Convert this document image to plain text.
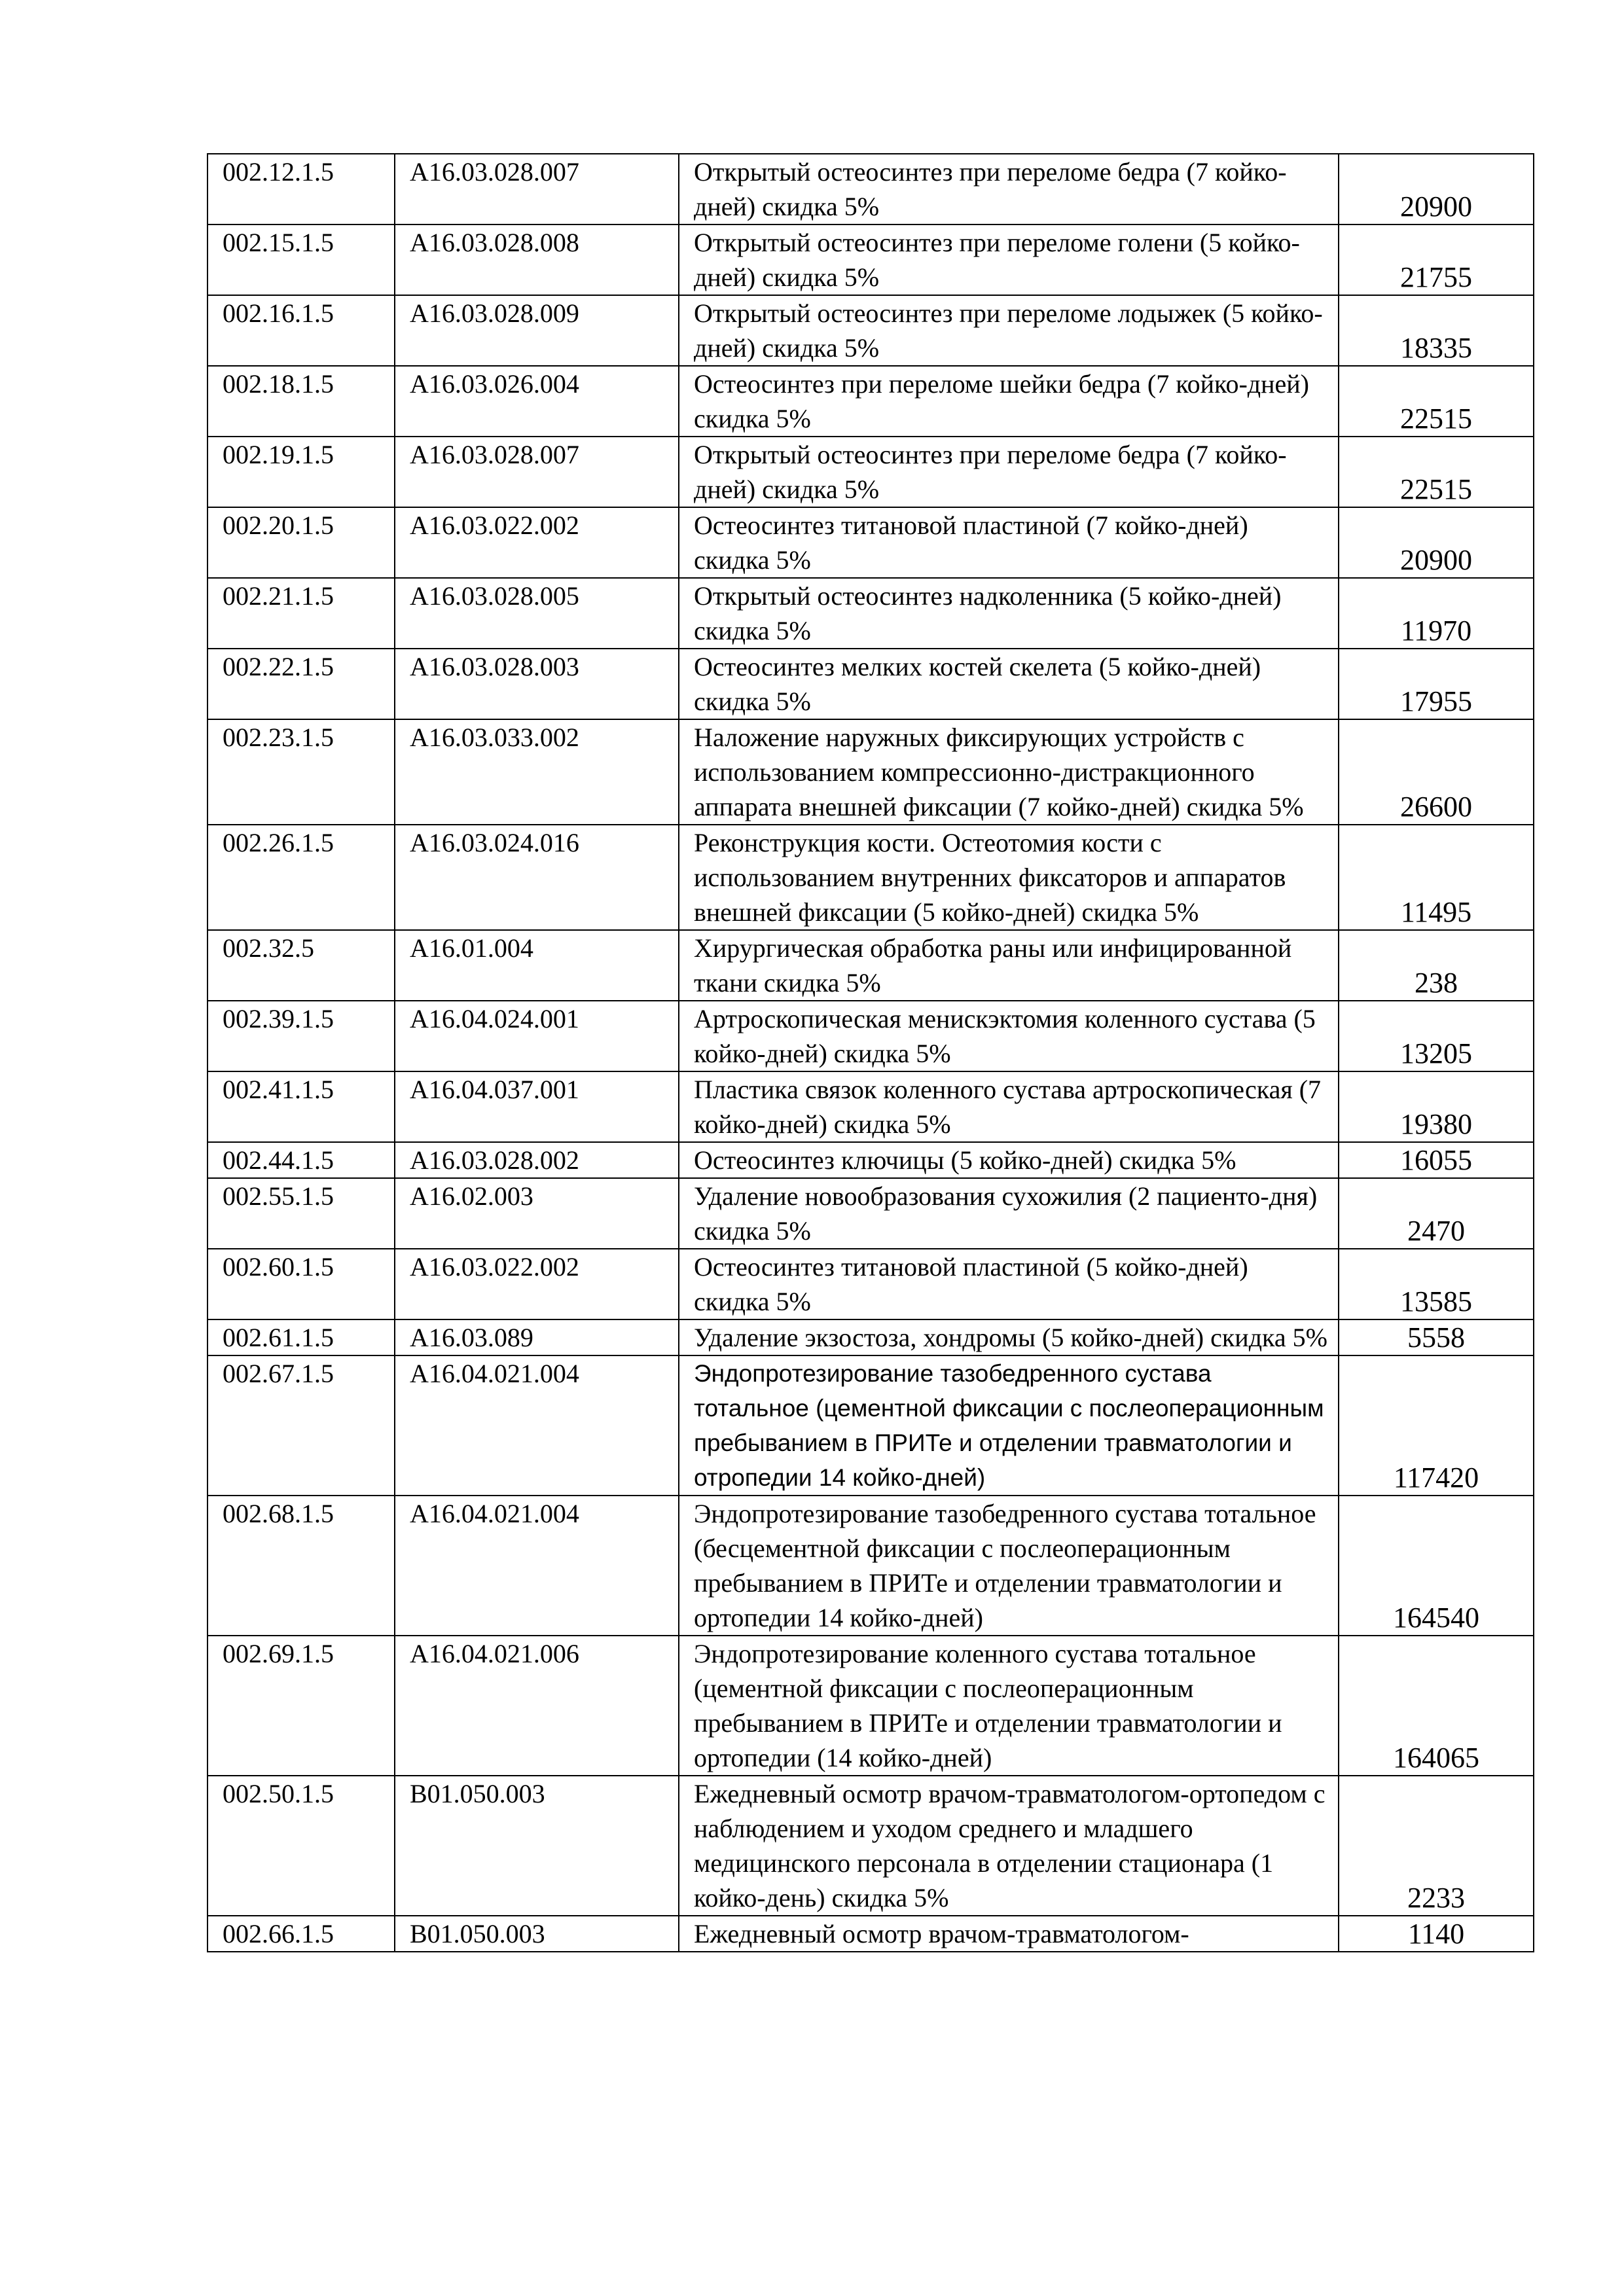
002.12.1.5	A16.03.028.007	Открытый остеосинтез при переломе бедра (7 койко-дней) скидка 5%	20900
002.15.1.5	A16.03.028.008	Открытый остеосинтез при переломе голени (5 койко-дней) скидка 5%	21755
002.16.1.5	A16.03.028.009	Открытый остеосинтез при переломе лодыжек (5 койко-дней) скидка 5%	18335
002.18.1.5	A16.03.026.004	Остеосинтез при переломе шейки бедра (7 койко-дней) скидка 5%	22515
002.19.1.5	A16.03.028.007	Открытый остеосинтез при переломе бедра (7 койко-дней) скидка 5%	22515
002.20.1.5	A16.03.022.002	Остеосинтез титановой пластиной (7 койко-дней) скидка 5%	20900
002.21.1.5	A16.03.028.005	Открытый остеосинтез надколенника (5 койко-дней) скидка 5%	11970
002.22.1.5	A16.03.028.003	Остеосинтез мелких костей скелета (5 койко-дней) скидка 5%	17955
002.23.1.5	A16.03.033.002	Наложение наружных фиксирующих устройств с использованием компрессионно-дистракционного аппарата внешней фиксации (7 койко-дней) скидка 5%	26600
002.26.1.5	A16.03.024.016	Реконструкция кости. Остеотомия кости с использованием внутренних фиксаторов и аппаратов внешней фиксации (5 койко-дней) скидка 5%	11495
002.32.5	A16.01.004	Хирургическая обработка раны или инфицированной ткани скидка 5%	238
002.39.1.5	A16.04.024.001	Артроскопическая менискэктомия коленного сустава (5 койко-дней) скидка 5%	13205
002.41.1.5	A16.04.037.001	Пластика связок коленного сустава артроскопическая (7 койко-дней) скидка 5%	19380
002.44.1.5	A16.03.028.002	Остеосинтез ключицы (5 койко-дней) скидка 5%	16055
002.55.1.5	A16.02.003	Удаление новообразования сухожилия (2 пациенто-дня) скидка 5%	2470
002.60.1.5	A16.03.022.002	Остеосинтез титановой пластиной (5 койко-дней) скидка 5%	13585
002.61.1.5	A16.03.089	Удаление экзостоза, хондромы (5 койко-дней) скидка 5%	5558
002.67.1.5	A16.04.021.004	Эндопротезирование тазобедренного сустава тотальное (цементной фиксации с послеоперационным пребыванием в ПРИТе и отделении травматологии и отропедии 14 койко-дней)	117420
002.68.1.5	A16.04.021.004	Эндопротезирование тазобедренного сустава тотальное (бесцементной фиксации с послеоперационным пребыванием в ПРИТе и отделении травматологии и ортопедии 14 койко-дней)	164540
002.69.1.5	A16.04.021.006	Эндопротезирование коленного сустава тотальное (цементной фиксации с послеоперационным пребыванием в ПРИТе и отделении травматологии и ортопедии (14 койко-дней)	164065
002.50.1.5	B01.050.003	Ежедневный осмотр врачом-травматологом-ортопедом с наблюдением и уходом среднего и младшего медицинского персонала в отделении стационара (1 койко-день) скидка 5%	2233
002.66.1.5	B01.050.003	Ежедневный осмотр врачом-травматологом-	1140
